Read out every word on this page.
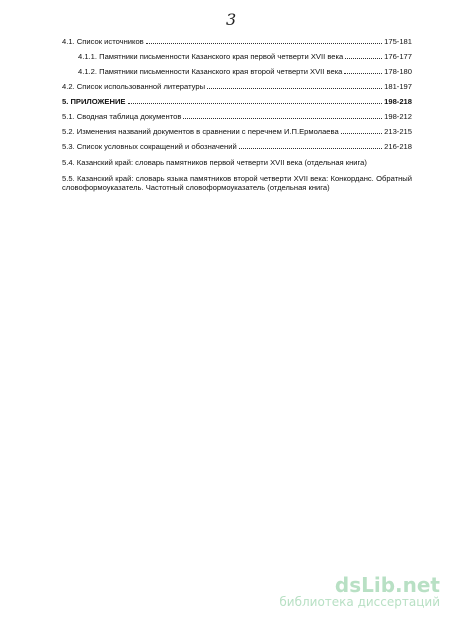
3
4.1. Список источников	175-181
4.1.1. Памятники письменности Казанского края первой четверти XVII века	176-177
4.1.2. Памятники письменности Казанского края второй четверти XVII века	178-180
4.2. Список использованной литературы	181-197
5. ПРИЛОЖЕНИЕ	198-218
5.1. Сводная таблица документов	198-212
5.2. Изменения названий документов в сравнении с перечнем И.П.Ермолаева	213-215
5.3. Список условных сокращений и обозначений	216-218
5.4. Казанский край: словарь памятников первой четверти XVII века (отдельная книга)
5.5. Казанский край: словарь языка памятников второй четверти XVII века: Конкорданс. Обратный словоформоуказатель. Частотный словоформоуказатель (отдельная книга)
dsLib.net
библиотека диссертаций
